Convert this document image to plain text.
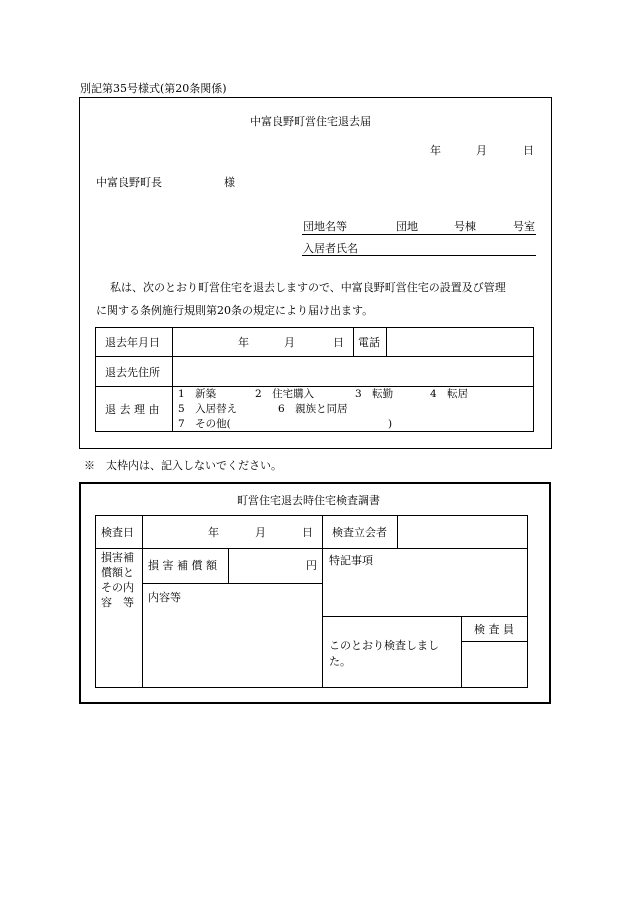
別記第35号様式(第20条関係)
中富良野町営住宅退去届
年	月	日
中富良野町長	様
団地名等	団地	号棟	号室
入居者氏名
私は、次のとおり町営住宅を退去しますので、中富良野町営住宅の設置及び管理
に関する条例施行規則第20条の規定により届け出ます。
退去年月日	年	月	日 電話
退去先住所
退 去 理 由
1　新築	2　住宅購入	3　転勤	4　転居
5　入居替え	6　親族と同居
7　その他(	)
※　太枠内は、記入しないでください。
町営住宅退去時住宅検査調書
検査日	年	月	日 検査立会者
損害補
償額と
その内
容　等
損 害 補 償 額	円
内容等
特記事項
このとおり検査しまし
た。
検 査 員
